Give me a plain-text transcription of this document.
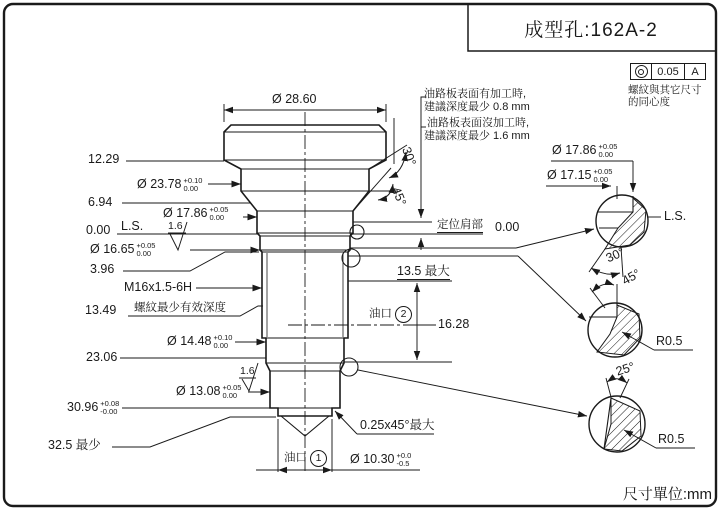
成型孔:162A-2
0.05	A
螺紋與其它尺寸
的同心度
油路板表面有加工時,
建議深度最少 0.8 mm
油路板表面沒加工時,
建議深度最少 1.6 mm
Ø 28.60
30°
45°
12.29
Ø 23.78 +0.10
0.00
6.94
0.00 L.S.
Ø 17.86 +0.05
0.00
Ø 16.65 +0.05
0.00
1.6
3.96
M16x1.5-6H
13.49 螺紋最少有效深度
Ø 14.48 +0.10
0.00
23.06
Ø 13.08 +0.05
0.00
1.6
30.96 +0.08
-0.00
32.5 最少
定位肩部 0.00
13.5 最大
油口 2
16.28
0.25x45°最大
油口 1	Ø 10.30 +0.0
-0.5
Ø 17.86 +0.05
0.00
Ø 17.15 +0.05
0.00
L.S.
30°
45°
25°
R0.5
R0.5
尺寸單位:mm
